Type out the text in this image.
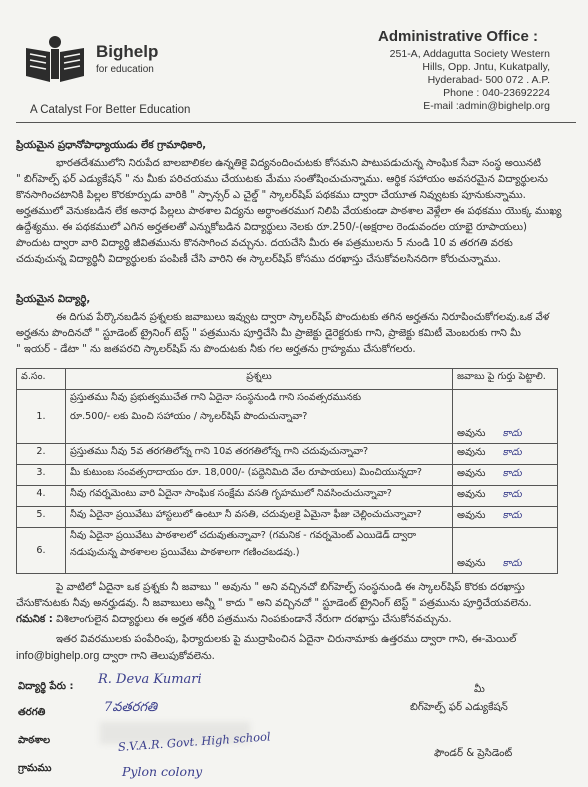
Bighelp
for education
A Catalyst For Better Education
Administrative Office :
251-A, Addagutta Society Western
Hills, Opp. Jntu, Kukatpally,
Hyderabad- 500 072 . A.P.
Phone : 040-23692224
E-mail :admin@bighelp.org
ప్రియమైన ప్రధానోపాధ్యాయుడు లేక గ్రామాధికారి,
భారతదేశములోని నిరుపేద బాలబాలికల ఉన్నతికై విద్యనందించుటకు కోసమని పాటుపడుచున్న సాంఘిక సేవా సంస్థ అయినటి
" బిగ్‌హెల్ప్ ఫర్ ఎడ్యుకేషన్ " ను మీకు పరిచయము చేయుటకు మేము సంతోషించుచున్నాము. ఆర్థిక సహాయం అవసరమైన విద్యార్థులను
కొనసాగించటానికి పిల్లల కొరకూర్పుడు వారికి " స్పాన్సర్ ఎ చైల్డ్ " స్కాలర్‌షిప్ పథకము ద్వారా చేయూత నివ్వుటకు పూనుకున్నాము.
అర్హతములో వెనుకబడిన లేక అనాధ పిల్లలు పాఠశాల విద్యను అర్ధాంతరముగ నిలిపి వేయకుండా పాఠశాల వెళ్లేలా ఈ పథకము యొక్క ముఖ్య
ఉద్దేశ్యము. ఈ పథకములో ఎగిన అర్హతలతో ఎన్నుకోబడిన విద్యార్థులు నెలకు రూ.250/-(అక్షరాల రెండువందల యాభై రూపాయలు)
పొందుట ద్వారా వారి విద్యార్థి జీవితమును కొనసాగించ వచ్చును. దయచేసి మీరు ఈ పత్రములను 5 నుండి 10 వ తరగతి వరకు
చదువుచున్న విద్యార్థినీ విద్యార్థులకు పంపిణీ చేసి వారిని ఈ స్కాలర్‌షిప్ కోసము దరఖాస్తు చేసుకోవలసినదిగా కోరుచున్నాము.
ప్రియమైన విద్యార్థి,
ఈ దిగువ పేర్కొనబడిన ప్రశ్నలకు జవాబులు ఇవ్వుట ద్వారా స్కాలర్‌షిప్ పొందుటకు తగిన అర్హతను నిరూపించుకోగలవు.ఒక వేళ
అర్హతను పొందినచో " స్టూడెంట్ ట్రైనింగ్ టెస్ట్ " పత్రమును పూర్తిచేసి మీ ప్రాజెక్టు డైరెక్టరుకు గాని, ప్రాజెక్టు కమిటీ మెంబరుకు గాని మీ
" ఇయర్ - డేటా " ను జతపరచి స్కాలర్‌షిప్ ను పొందుటకు నీకు గల అర్హతను గ్రాహ్యము చేసుకోగలరు.
వ.సం.	ప్రశ్నలు	జవాబు పై గుర్తు పెట్టాలి.
1.	ప్రస్తుతము నీవు ప్రభుత్వముచేత గాని ఏదైనా సంస్థనుండి గాని సంవత్సరమునకు
రూ.500/- లకు మించి సహాయం / స్కాలర్‌షిప్ పొందుచున్నావా?	అవును కాదు
2.	ప్రస్తుతము నీవు 5వ తరగతిలోన్న గాని 10వ తరగతిలోన్న గాని చదువుచున్నావా?	అవును కాదు
3.	మీ కుటుంబ సంవత్సరాదాయం రూ. 18,000/- (పద్దెనిమిది వేల రూపాయలు) మించియున్నదా?	అవును కాదు
4.	నీవు గవర్నమెంటు వారి ఏదైనా సాంఘిక సంక్షేమ వసతి గృహములో నివసించుచున్నావా?	అవును కాదు
5.	నీవు ఏదైనా ప్రయివేటు హాస్టలులో ఉంటూ నీ వసతి, చదువులకై ఏమైనా ఫీజు చెల్లించుచున్నావా?	అవును కాదు
6.	నీవు ఏదైనా ప్రయివేటు పాఠశాలలో చదువుతున్నావా? (గమనిక - గవర్నమెంట్ ఎయిడెడ్ ద్వారా
నడుపుచున్న పాఠశాలల ప్రయివేటు పాఠశాలగా గణించబడవు.)	అవును కాదు
పై వాటిలో ఏదైనా ఒక ప్రశ్నకు నీ జవాబు " అవును " అని వచ్చినచో బిగ్‌హెల్ప్ సంస్థనుండి ఈ స్కాలర్‌షిప్ కొరకు దరఖాస్తు
చేసుకొనుటకు నీవు అనర్హుడవు. నీ జవాబులు అన్నీ " కాదు " అని వచ్చినచో " స్టూడెంట్ ట్రైనింగ్ టెస్ట్ " పత్రమును పూర్తిచేయవలెను.
గమనిక : విశిలాంగులైన విద్యార్థులు ఈ అర్హత శరీరి పత్రమును నింపకుండానే నేరుగా దరఖాస్తు చేసుకోనవచ్చును.
ఇతర వివరములకు పంపేరింపు, ఫిర్యాదులకు పై ముద్రాపించిన ఏదైనా చిరునామాకు ఉత్తరము ద్వారా గాని, ఈ-మెయిల్
info@bighelp.org ద్వారా గాని తెలుపుకోవలెను.
విద్యార్థి పేరు : R. Deva Kumari
తరగతి	7వతరగతి
పాఠశాల	S.V.A.R. Govt. High school
గ్రామము	Pylon colony
మీ
బిగ్‌హెల్ప్ ఫర్ ఎడ్యుకేషన్
ఫౌండర్ & ప్రెసిడెంట్
